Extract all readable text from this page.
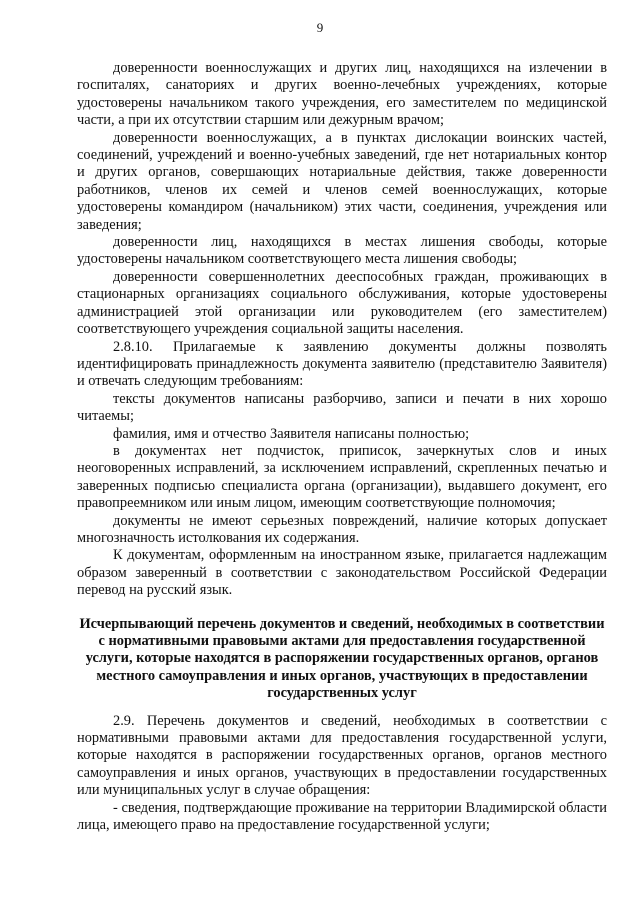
9

доверенности военнослужащих и других лиц, находящихся на излечении в госпиталях, санаториях и других военно-лечебных учреждениях, которые удостоверены начальником такого учреждения, его заместителем по медицинской части, а при их отсутствии старшим или дежурным врачом;

доверенности военнослужащих, а в пунктах дислокации воинских частей, соединений, учреждений и военно-учебных заведений, где нет нотариальных контор и других органов, совершающих нотариальные действия, также доверенности работников, членов их семей и членов семей военнослужащих, которые удостоверены командиром (начальником) этих части, соединения, учреждения или заведения;

доверенности лиц, находящихся в местах лишения свободы, которые удостоверены начальником соответствующего места лишения свободы;

доверенности совершеннолетних дееспособных граждан, проживающих в стационарных организациях социального обслуживания, которые удостоверены администрацией этой организации или руководителем (его заместителем) соответствующего учреждения социальной защиты населения.

2.8.10. Прилагаемые к заявлению документы должны позволять идентифицировать принадлежность документа заявителю (представителю Заявителя) и отвечать следующим требованиям:

тексты документов написаны разборчиво, записи и печати в них хорошо читаемы;

фамилия, имя и отчество Заявителя написаны полностью;

в документах нет подчисток, приписок, зачеркнутых слов и иных неоговоренных исправлений, за исключением исправлений, скрепленных печатью и заверенных подписью специалиста органа (организации), выдавшего документ, его правопреемником или иным лицом, имеющим соответствующие полномочия;

документы не имеют серьезных повреждений, наличие которых допускает многозначность истолкования их содержания.

К документам, оформленным на иностранном языке, прилагается надлежащим образом заверенный в соответствии с законодательством Российской Федерации перевод на русский язык.

Исчерпывающий перечень документов и сведений, необходимых в соответствии с нормативными правовыми актами для предоставления государственной услуги, которые находятся в распоряжении государственных органов, органов местного самоуправления и иных органов, участвующих в предоставлении государственных услуг

2.9. Перечень документов и сведений, необходимых в соответствии с нормативными правовыми актами для предоставления государственной услуги, которые находятся в распоряжении государственных органов, органов местного самоуправления и иных органов, участвующих в предоставлении государственных или муниципальных услуг в случае обращения:

- сведения, подтверждающие проживание на территории Владимирской области лица, имеющего право на предоставление государственной услуги;
